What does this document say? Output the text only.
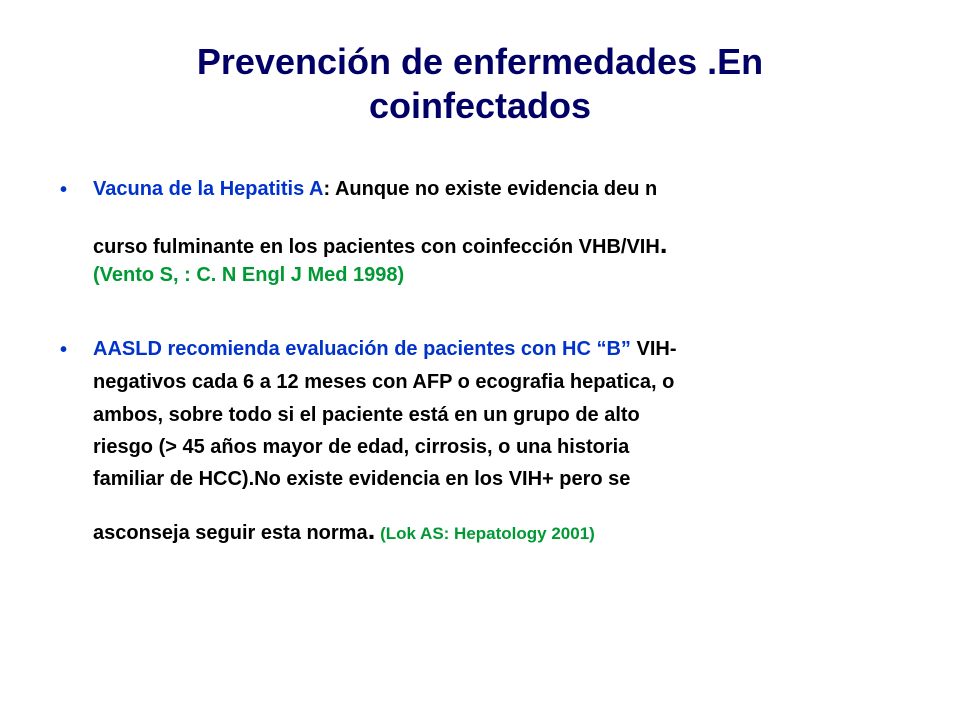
Prevención de enfermedades .En
coinfectados
• Vacuna de la Hepatitis A: Aunque no existe evidencia deu n
curso fulminante en los pacientes con coinfección VHB/VIH.
(Vento S, : C. N Engl J Med 1998)
• AASLD recomienda evaluación de pacientes con HC “B” VIH-
negativos cada 6 a 12 meses con AFP o ecografia hepatica, o
ambos, sobre todo si el paciente está en un grupo de alto
riesgo (> 45 años mayor de edad, cirrosis, o una historia
familiar de HCC).No existe evidencia en los VIH+ pero se
asconseja seguir esta norma. (Lok AS: Hepatology 2001)
